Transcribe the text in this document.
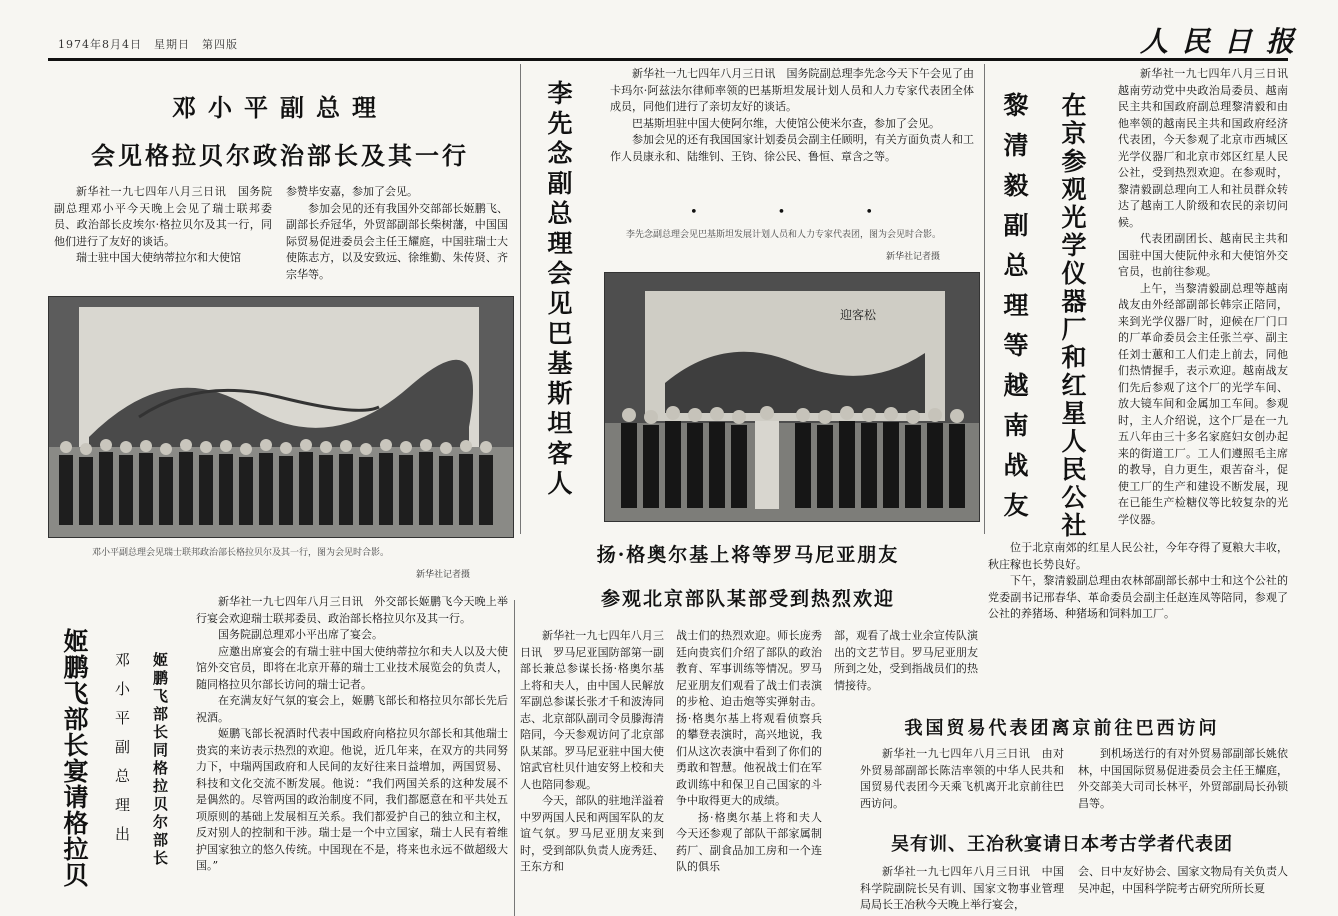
1974年8月4日　星期日　第四版	人民日报
邓小平副总理
会见格拉贝尔政治部长及其一行

新华社一九七四年八月三日讯　国务院副总理邓小平今天晚上会见了瑞士联邦委员、政治部长皮埃尔·格拉贝尔及其一行，同他们进行了友好的谈话。

瑞士驻中国大使纳蒂拉尔和大使馆

参赞毕安嘉，参加了会见。

参加会见的还有我国外交部部长姬鹏飞、副部长乔冠华，外贸部副部长柴树藩，中国国际贸易促进委员会主任王耀庭，中国驻瑞士大使陈志方，以及安致远、徐维勤、朱传贤、齐宗华等。

邓小平副总理会见瑞士联邦政治部长格拉贝尔及其一行，图为会见时合影。
新华社记者摄
李先念副总理会见巴基斯坦客人

新华社一九七四年八月三日讯　国务院副总理李先念今天下午会见了由卡玛尔·阿兹法尔律师率领的巴基斯坦发展计划人员和人力专家代表团全体成员，同他们进行了亲切友好的谈话。

巴基斯坦驻中国大使阿尔维，大使馆公使米尔查，参加了会见。

参加会见的还有我国国家计划委员会副主任顾明，有关方面负责人和工作人员康永和、陆维钊、王钧、徐公民、鲁恒、章含之等。

•••
李先念副总理会见巴基斯坦发展计划人员和人力专家代表团，图为会见时合影。
新华社记者摄
迎客松	在京参观光学仪器厂和红星人民公社
黎清毅副总理等越南战友

新华社一九七四年八月三日讯　越南劳动党中央政治局委员、越南民主共和国政府副总理黎清毅和由他率领的越南民主共和国政府经济代表团，今天参观了北京市西城区光学仪器厂和北京市郊区红星人民公社，受到热烈欢迎。在参观时，黎清毅副总理向工人和社员群众转达了越南工人阶级和农民的亲切问候。

代表团副团长、越南民主共和国驻中国大使阮仲永和大使馆外交官员，也前往参观。

上午，当黎清毅副总理等越南战友由外经部副部长韩宗正陪同，来到光学仪器厂时，迎候在厂门口的厂革命委员会主任张兰亭、副主任刘士蕙和工人们走上前去，同他们热情握手，表示欢迎。越南战友们先后参观了这个厂的光学车间、放大镜车间和金属加工车间。参观时，主人介绍说，这个厂是在一九五八年由三十多名家庭妇女创办起来的街道工厂。工人们遵照毛主席的教导，自力更生，艰苦奋斗，促使工厂的生产和建设不断发展，现在已能生产检糖仪等比较复杂的光学仪器。

位于北京南郊的红星人民公社，今年夺得了夏粮大丰收，秋庄稼也长势良好。

下午，黎清毅副总理由农林部副部长郝中士和这个公社的党委副书记邢春华、革命委员会副主任赵连凤等陪同，参观了公社的养猪场、种猪场和饲料加工厂。

姬鹏飞部长宴请格拉贝 邓小平副总理出 姬鹏飞部长同格拉贝尔部长

新华社一九七四年八月三日讯　外交部长姬鹏飞今天晚上举行宴会欢迎瑞士联邦委员、政治部长格拉贝尔及其一行。

国务院副总理邓小平出席了宴会。

应邀出席宴会的有瑞士驻中国大使纳蒂拉尔和夫人以及大使馆外交官员，即将在北京开幕的瑞士工业技术展览会的负责人，随同格拉贝尔部长访问的瑞士记者。

在充满友好气氛的宴会上，姬鹏飞部长和格拉贝尔部长先后祝酒。

姬鹏飞部长祝酒时代表中国政府向格拉贝尔部长和其他瑞士贵宾的来访表示热烈的欢迎。他说，近几年来，在双方的共同努力下，中瑞两国政府和人民间的友好往来日益增加，两国贸易、科技和文化交流不断发展。他说：“我们两国关系的这种发展不是偶然的。尽管两国的政治制度不同，我们都愿意在和平共处五项原则的基础上发展相互关系。我们都爱护自己的独立和主权，反对别人的控制和干涉。瑞士是一个中立国家，瑞士人民有着维护国家独立的悠久传统。中国现在不是，将来也永远不做超级大国。”

扬·格奥尔基上将等罗马尼亚朋友
参观北京部队某部受到热烈欢迎

新华社一九七四年八月三日讯　罗马尼亚国防部第一副部长兼总参谋长扬·格奥尔基上将和夫人，由中国人民解放军副总参谋长张才千和波涛同志、北京部队副司令员滕海清陪同，今天参观访问了北京部队某部。罗马尼亚驻中国大使馆武官杜贝什迪安努上校和夫人也陪同参观。

今天，部队的驻地洋溢着中罗两国人民和两国军队的友谊气氛。罗马尼亚朋友来到时，受到部队负责人庞秀廷、王东方和

战士们的热烈欢迎。师长庞秀廷向贵宾们介绍了部队的政治教育、军事训练等情况。罗马尼亚朋友们观看了战士们表演的步枪、迫击炮等实弹射击。扬·格奥尔基上将观看侦察兵的攀登表演时，高兴地说，我们从这次表演中看到了你们的勇敢和智慧。他祝战士们在军政训练中和保卫自己国家的斗争中取得更大的成绩。

扬·格奥尔基上将和夫人今天还参观了部队干部家属制药厂、副食品加工房和一个连队的俱乐

部，观看了战士业余宣传队演出的文艺节目。罗马尼亚朋友所到之处，受到指战员们的热情接待。

我国贸易代表团离京前往巴西访问

新华社一九七四年八月三日讯　由对外贸易部副部长陈洁率领的中华人民共和国贸易代表团今天乘飞机离开北京前往巴西访问。

到机场送行的有对外贸易部副部长姚依林，中国国际贸易促进委员会主任王耀庭，外交部美大司司长林平，外贸部副局长孙锁昌等。

吴有训、王冶秋宴请日本考古学者代表团

新华社一九七四年八月三日讯　中国科学院副院长吴有训、国家文物事业管理局局长王冶秋今天晚上举行宴会，

会、日中友好协会、国家文物局有关负责人吴冲起，中国科学院考古研究所所长夏
